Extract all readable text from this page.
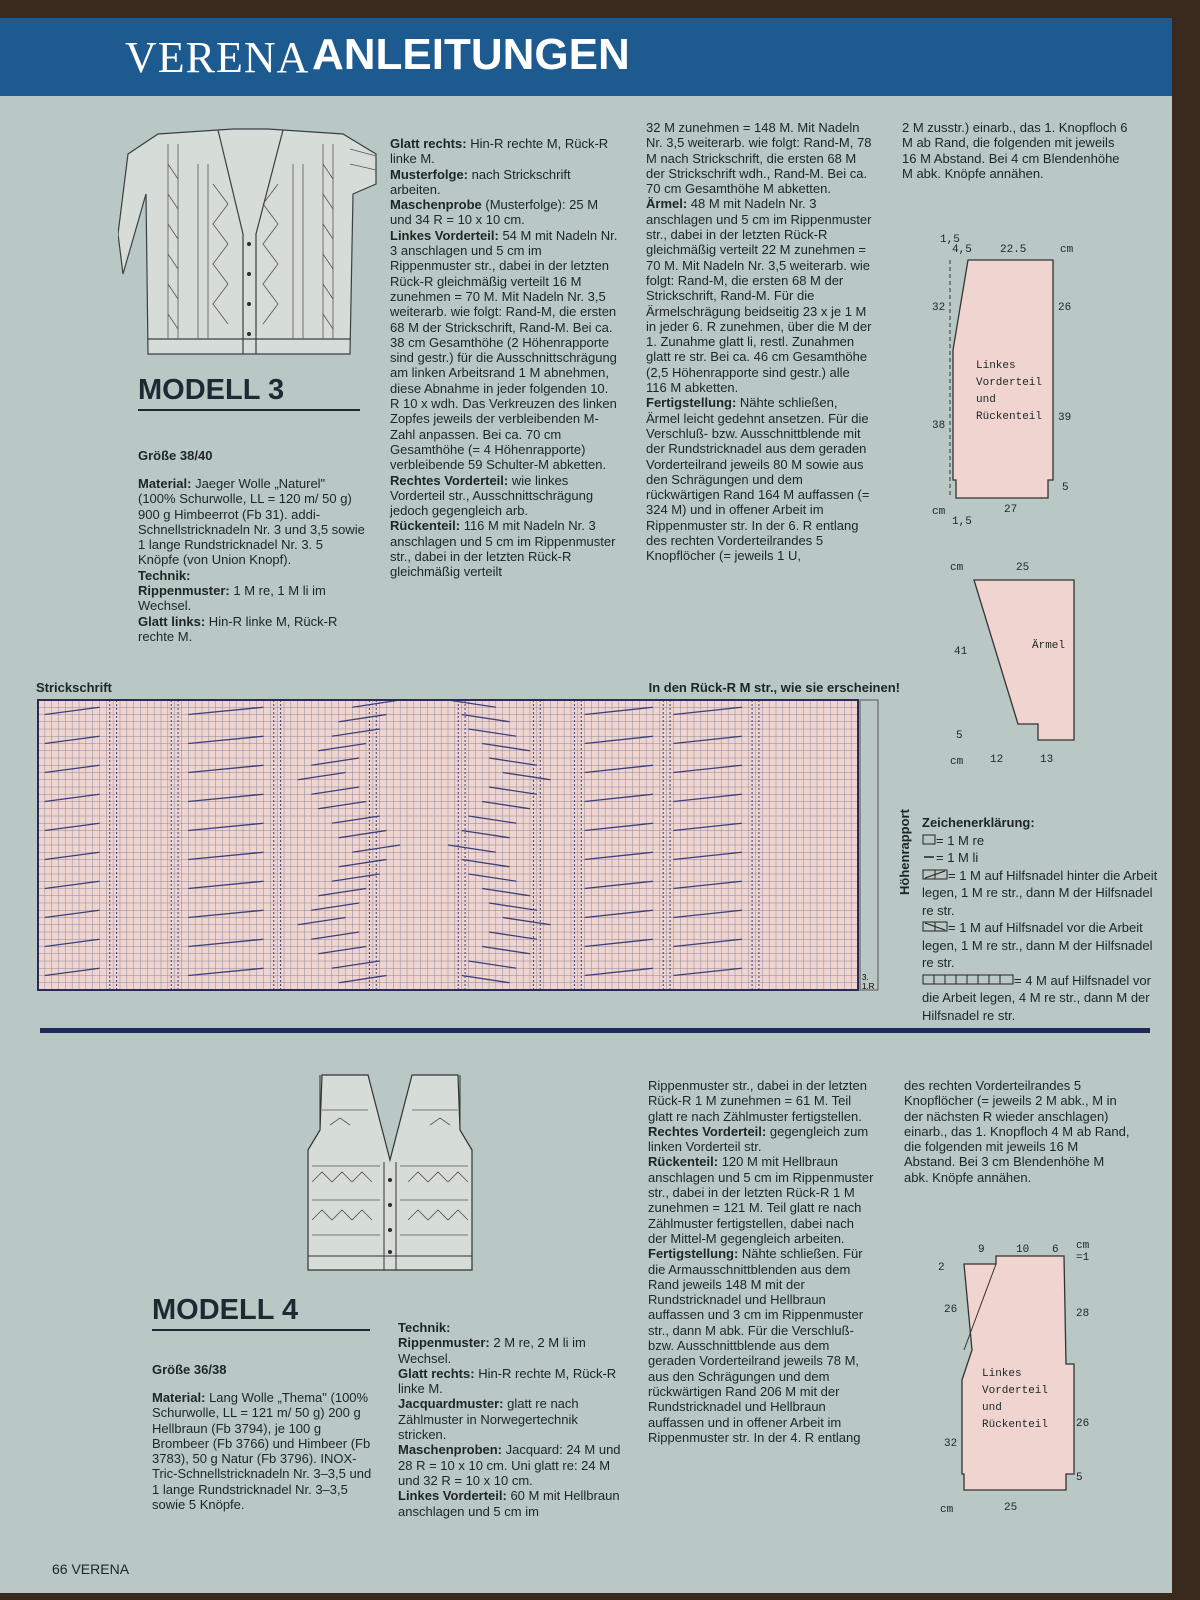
VERENA ANLEITUNGEN
MODELL 3
Größe 38/40

Material: Jaeger Wolle „Naturel" (100% Schurwolle, LL = 120 m/ 50 g) 900 g Himbeerrot (Fb 31). addi-Schnellstricknadeln Nr. 3 und 3,5 sowie 1 lange Rundstricknadel Nr. 3. 5 Knöpfe (von Union Knopf).

Technik:

Rippenmuster: 1 M re, 1 M li im Wechsel.

Glatt links: Hin-R linke M, Rück-R rechte M.

Glatt rechts: Hin-R rechte M, Rück-R linke M.

Musterfolge: nach Strickschrift arbeiten.

Maschenprobe (Musterfolge): 25 M und 34 R = 10 x 10 cm.

Linkes Vorderteil: 54 M mit Nadeln Nr. 3 anschlagen und 5 cm im Rippenmuster str., dabei in der letzten Rück-R gleichmäßig verteilt 16 M zunehmen = 70 M. Mit Nadeln Nr. 3,5 weiterarb. wie folgt: Rand-M, die ersten 68 M der Strickschrift, Rand-M. Bei ca. 38 cm Gesamthöhe (2 Höhenrapporte sind gestr.) für die Ausschnittschrägung am linken Arbeitsrand 1 M abnehmen, diese Abnahme in jeder folgenden 10. R 10 x wdh. Das Verkreuzen des linken Zopfes jeweils der verbleibenden M-Zahl anpassen. Bei ca. 70 cm Gesamthöhe (= 4 Höhenrapporte) verbleibende 59 Schulter-M abketten.

Rechtes Vorderteil: wie linkes Vorderteil str., Ausschnittschrägung jedoch gegengleich arb.

Rückenteil: 116 M mit Nadeln Nr. 3 anschlagen und 5 cm im Rippenmuster str., dabei in der letzten Rück-R gleichmäßig verteilt

32 M zunehmen = 148 M. Mit Nadeln Nr. 3,5 weiterarb. wie folgt: Rand-M, 78 M nach Strickschrift, die ersten 68 M der Strickschrift wdh., Rand-M. Bei ca. 70 cm Gesamthöhe M abketten.

Ärmel: 48 M mit Nadeln Nr. 3 anschlagen und 5 cm im Rippenmuster str., dabei in der letzten Rück-R gleichmäßig verteilt 22 M zunehmen = 70 M. Mit Nadeln Nr. 3,5 weiterarb. wie folgt: Rand-M, die ersten 68 M der Strickschrift, Rand-M. Für die Ärmelschrägung beidseitig 23 x je 1 M in jeder 6. R zunehmen, über die M der 1. Zunahme glatt li, restl. Zunahmen glatt re str. Bei ca. 46 cm Gesamthöhe (2,5 Höhenrapporte sind gestr.) alle 116 M abketten.

Fertigstellung: Nähte schließen, Ärmel leicht gedehnt ansetzen. Für die Verschluß- bzw. Ausschnittblende mit der Rundstricknadel aus dem geraden Vorderteilrand jeweils 80 M sowie aus den Schrägungen und dem rückwärtigen Rand 164 M auffassen (= 324 M) und in offener Arbeit im Rippenmuster str. In der 6. R entlang des rechten Vorderteilrandes 5 Knopflöcher (= jeweils 1 U,

2 M zusstr.) einarb., das 1. Knopfloch 6 M ab Rand, die folgenden mit jeweils 16 M Abstand. Bei 4 cm Blendenhöhe M abk. Knöpfe annähen.
1,5
4,5	22.5	cm
32	26
38
39
5
cm	27
1,5
Linkes
Vorderteil
und
Rückenteil
cm	25
41
5
cm 12	13
Ärmel
Strickschrift	In den Rück-R M str., wie sie erscheinen!
3.
1.R
Höhenrapport Zeichenerklärung:

= 1 M re

= 1 M li

= 1 M auf Hilfsnadel hinter die Arbeit legen, 1 M re str., dann M der Hilfsnadel re str.

= 1 M auf Hilfsnadel vor die Arbeit legen, 1 M re str., dann M der Hilfsnadel re str.

= 4 M auf Hilfsnadel vor die Arbeit legen, 4 M re str., dann M der Hilfsnadel re str.

MODELL 4
Größe 36/38

Material: Lang Wolle „Thema" (100% Schurwolle, LL = 121 m/ 50 g) 200 g Hellbraun (Fb 3794), je 100 g Brombeer (Fb 3766) und Himbeer (Fb 3783), 50 g Natur (Fb 3796). INOX-Tric-Schnellstricknadeln Nr. 3–3,5 und 1 lange Rundstricknadel Nr. 3–3,5 sowie 5 Knöpfe.

Technik:

Rippenmuster: 2 M re, 2 M li im Wechsel.

Glatt rechts: Hin-R rechte M, Rück-R linke M.

Jacquardmuster: glatt re nach Zählmuster in Norwegertechnik stricken.

Maschenproben: Jacquard: 24 M und 28 R = 10 x 10 cm. Uni glatt re: 24 M und 32 R = 10 x 10 cm.

Linkes Vorderteil: 60 M mit Hellbraun anschlagen und 5 cm im

Rippenmuster str., dabei in der letzten Rück-R 1 M zunehmen = 61 M. Teil glatt re nach Zählmuster fertigstellen.

Rechtes Vorderteil: gegengleich zum linken Vorderteil str.

Rückenteil: 120 M mit Hellbraun anschlagen und 5 cm im Rippenmuster str., dabei in der letzten Rück-R 1 M zunehmen = 121 M. Teil glatt re nach Zählmuster fertigstellen, dabei nach der Mittel-M gegengleich arbeiten.

Fertigstellung: Nähte schließen. Für die Armausschnittblenden aus dem Rand jeweils 148 M mit der Rundstricknadel und Hellbraun auffassen und 3 cm im Rippenmuster str., dann M abk. Für die Verschluß- bzw. Ausschnittblende aus dem geraden Vorderteilrand jeweils 78 M, aus den Schrägungen und dem rückwärtigen Rand 206 M mit der Rundstricknadel und Hellbraun auffassen und in offener Arbeit im Rippenmuster str. In der 4. R entlang

des rechten Vorderteilrandes 5 Knopflöcher (= jeweils 2 M abk., M in der nächsten R wieder anschlagen) einarb., das 1. Knopfloch 4 M ab Rand, die folgenden mit jeweils 16 M Abstand. Bei 3 cm Blendenhöhe M abk. Knöpfe annähen.
9	10 6 cm
=1
2
26	28
32
26
5
cm	25
Linkes
Vorderteil
und
Rückenteil
66 VERENA
